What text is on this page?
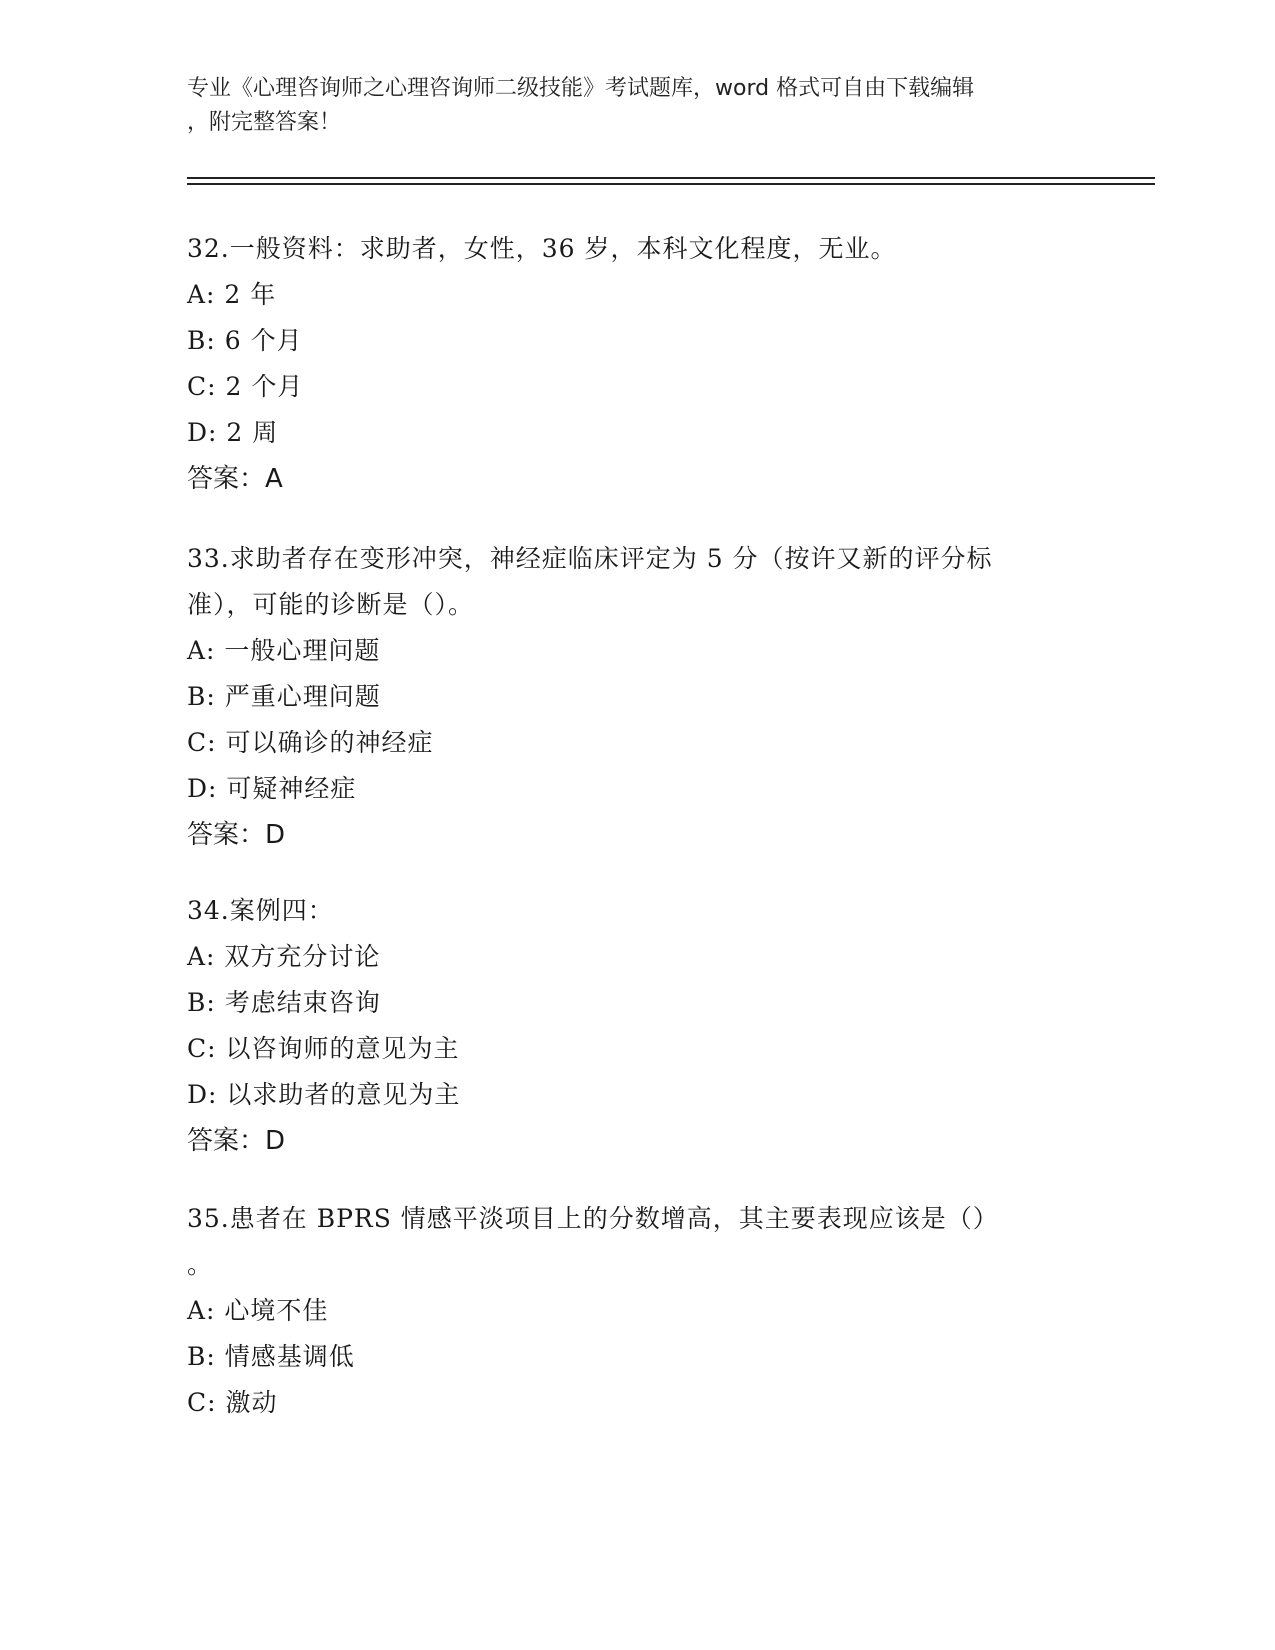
专业《心理咨询师之心理咨询师二级技能》考试题库，word 格式可自由下载编辑
，附完整答案！
32.一般资料：求助者，女性，36 岁，本科文化程度，无业。
A: 2 年
B: 6 个月
C: 2 个月
D: 2 周
答案：A
33.求助者存在变形冲突，神经症临床评定为 5 分（按许又新的评分标
准），可能的诊断是（）。
A: 一般心理问题
B: 严重心理问题
C: 可以确诊的神经症
D: 可疑神经症
答案：D
34.案例四：
A: 双方充分讨论
B: 考虑结束咨询
C: 以咨询师的意见为主
D: 以求助者的意见为主
答案：D
35.患者在 BPRS 情感平淡项目上的分数增高，其主要表现应该是（）
。
A: 心境不佳
B: 情感基调低
C: 激动
